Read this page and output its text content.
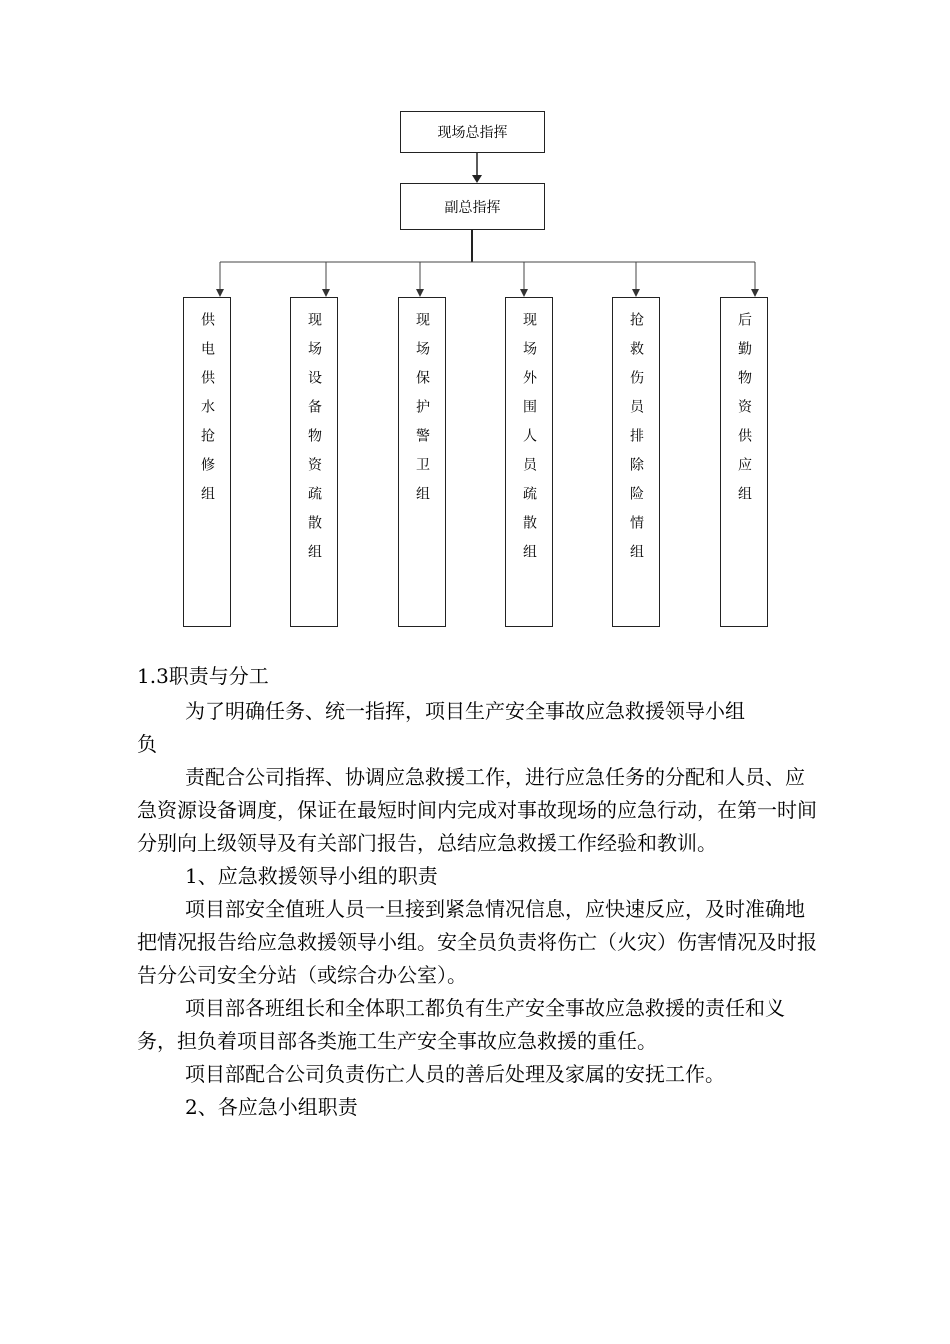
现场总指挥
副总指挥
供电供水抢修组	现场设备物资疏散组	现场保护警卫组	现场外围人员疏散组	抢救伤员排除险情组	后勤物资供应组

1.3职责与分工

为了明确任务、统一指挥，项目生产安全事故应急救援领导小组

负

责配合公司指挥、协调应急救援工作，进行应急任务的分配和人员、应急资源设备调度，保证在最短时间内完成对事故现场的应急行动，在第一时间分别向上级领导及有关部门报告，总结应急救援工作经验和教训。

1、应急救援领导小组的职责

项目部安全值班人员一旦接到紧急情况信息，应快速反应，及时准确地把情况报告给应急救援领导小组。安全员负责将伤亡（火灾）伤害情况及时报告分公司安全分站（或综合办公室）。

项目部各班组长和全体职工都负有生产安全事故应急救援的责任和义务，担负着项目部各类施工生产安全事故应急救援的重任。

项目部配合公司负责伤亡人员的善后处理及家属的安抚工作。

2、各应急小组职责
